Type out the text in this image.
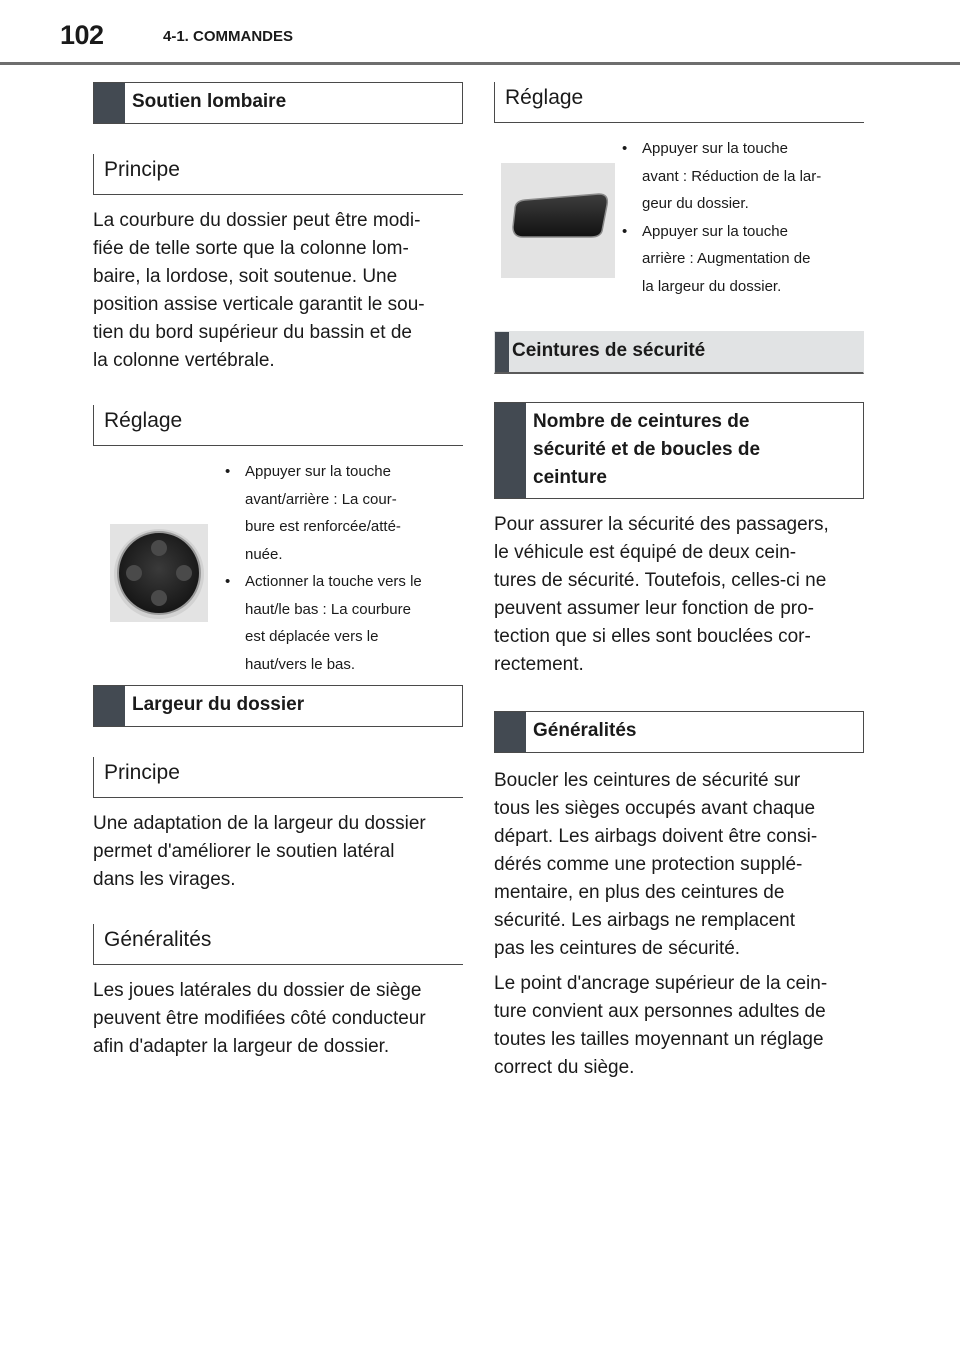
102	4-1. COMMANDES
Soutien lombaire
Principe

La courbure du dossier peut être modi-
fiée de telle sorte que la colonne lom-
baire, la lordose, soit soutenue. Une
position assise verticale garantit le sou-
tien du bord supérieur du bassin et de
la colonne vertébrale.

Réglage
• Appuyer sur la touche
avant/arrière : La cour-
bure est renforcée/atté-
nuée.
• Actionner la touche vers le
haut/le bas : La courbure
est déplacée vers le
haut/vers le bas.
Largeur du dossier
Principe

Une adaptation de la largeur du dossier
permet d'améliorer le soutien latéral
dans les virages.

Généralités

Les joues latérales du dossier de siège
peuvent être modifiées côté conducteur
afin d'adapter la largeur de dossier.

Réglage
• Appuyer sur la touche
avant : Réduction de la lar-
geur du dossier.
• Appuyer sur la touche
arrière : Augmentation de
la largeur du dossier.
Ceintures de sécurité
Nombre de ceintures de
sécurité et de boucles de
ceinture

Pour assurer la sécurité des passagers,
le véhicule est équipé de deux cein-
tures de sécurité. Toutefois, celles-ci ne
peuvent assumer leur fonction de pro-
tection que si elles sont bouclées cor-
rectement.

Généralités

Boucler les ceintures de sécurité sur
tous les sièges occupés avant chaque
départ. Les airbags doivent être consi-
dérés comme une protection supplé-
mentaire, en plus des ceintures de
sécurité. Les airbags ne remplacent
pas les ceintures de sécurité.

Le point d'ancrage supérieur de la cein-
ture convient aux personnes adultes de
toutes les tailles moyennant un réglage
correct du siège.
